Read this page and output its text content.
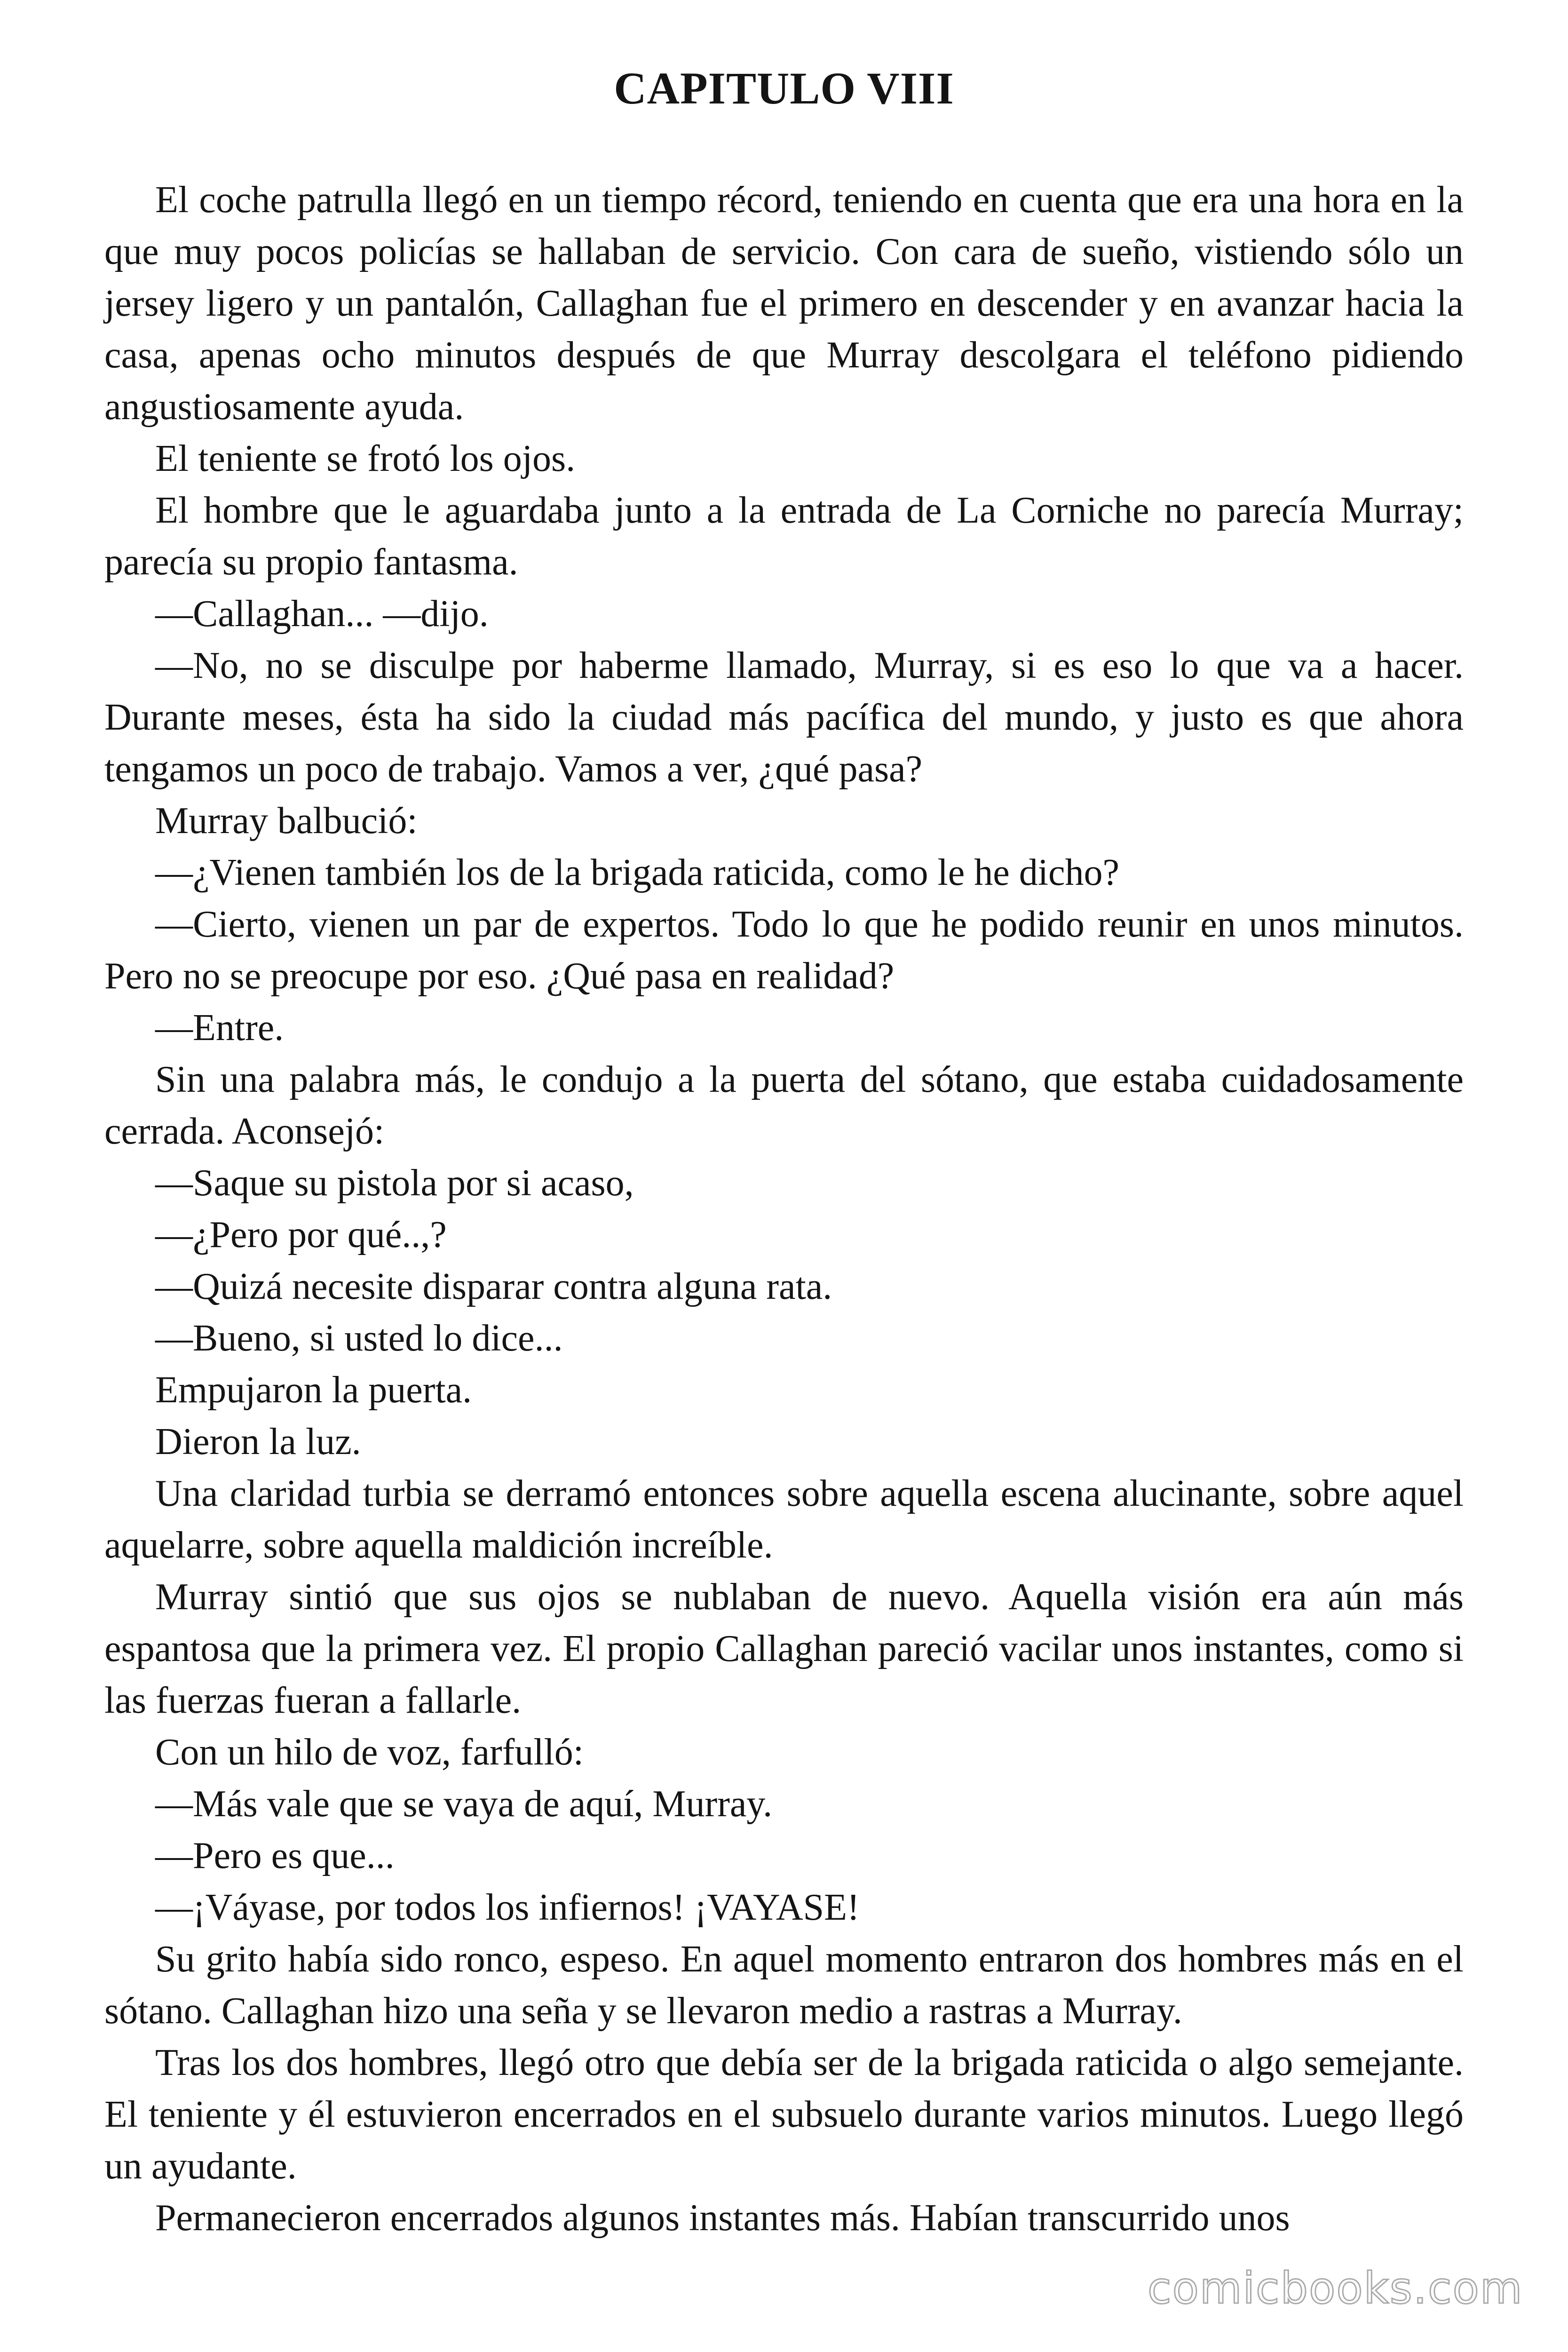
CAPITULO VIII

El coche patrulla llegó en un tiempo récord, teniendo en cuenta que era una hora en la que muy pocos policías se hallaban de servicio. Con cara de sueño, vistiendo sólo un jersey ligero y un pantalón, Callaghan fue el primero en descender y en avanzar hacia la casa, apenas ocho minutos después de que Murray descolgara el teléfono pidiendo angustiosamente ayuda.

El teniente se frotó los ojos.

El hombre que le aguardaba junto a la entrada de La Corniche no parecía Murray; parecía su propio fantasma.

—Callaghan... —dijo.

—No, no se disculpe por haberme llamado, Murray, si es eso lo que va a hacer. Durante meses, ésta ha sido la ciudad más pacífica del mundo, y justo es que ahora tengamos un poco de trabajo. Vamos a ver, ¿qué pasa?

Murray balbució:

—¿Vienen también los de la brigada raticida, como le he dicho?

—Cierto, vienen un par de expertos. Todo lo que he podido reunir en unos minutos. Pero no se preocupe por eso. ¿Qué pasa en realidad?

—Entre.

Sin una palabra más, le condujo a la puerta del sótano, que estaba cuidadosamente cerrada. Aconsejó:

—Saque su pistola por si acaso,

—¿Pero por qué..,?

—Quizá necesite disparar contra alguna rata.

—Bueno, si usted lo dice...

Empujaron la puerta.

Dieron la luz.

Una claridad turbia se derramó entonces sobre aquella escena alucinante, sobre aquel aquelarre, sobre aquella maldición increíble.

Murray sintió que sus ojos se nublaban de nuevo. Aquella visión era aún más espantosa que la primera vez. El propio Callaghan pareció vacilar unos instantes, como si las fuerzas fueran a fallarle.

Con un hilo de voz, farfulló:

—Más vale que se vaya de aquí, Murray.

—Pero es que...

—¡Váyase, por todos los infiernos! ¡VAYASE!

Su grito había sido ronco, espeso. En aquel momento entraron dos hombres más en el sótano. Callaghan hizo una seña y se llevaron medio a rastras a Murray.

Tras los dos hombres, llegó otro que debía ser de la brigada raticida o algo semejante. El teniente y él estuvieron encerrados en el subsuelo durante varios minutos. Luego llegó un ayudante.

Permanecieron encerrados algunos instantes más. Habían transcurrido unos

comicbooks.com
